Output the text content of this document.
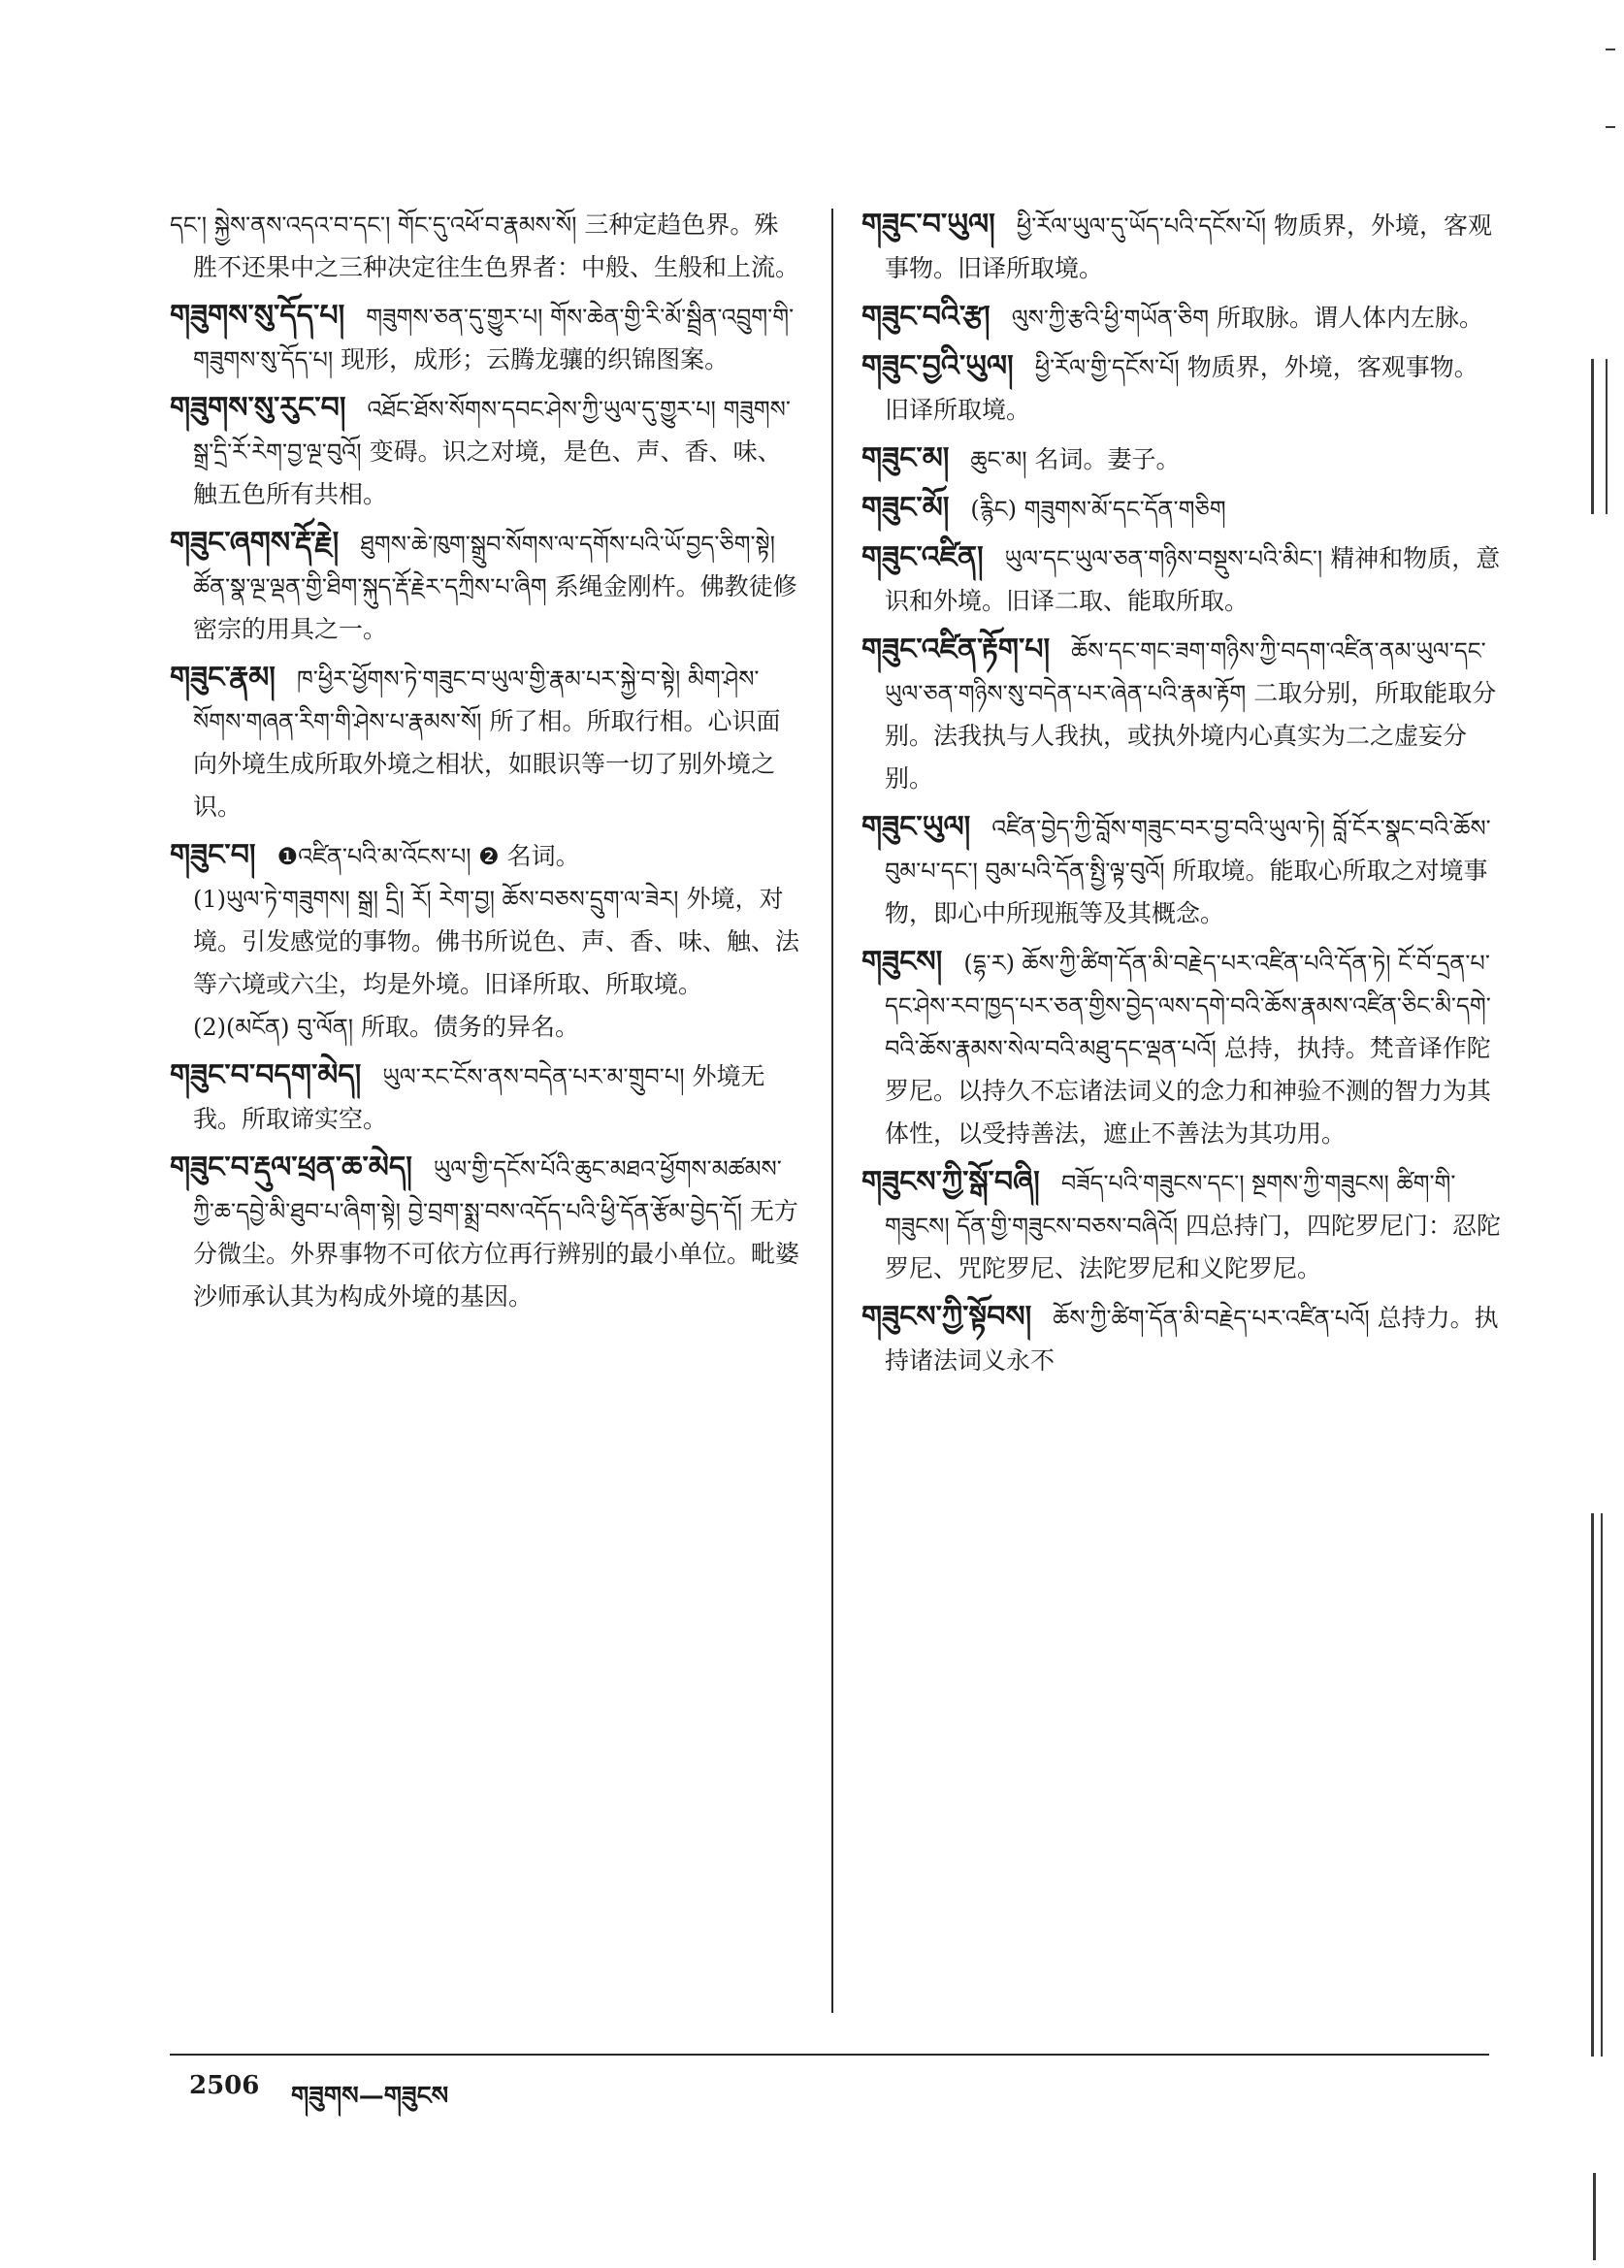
དང་། སྐྱེས་ནས་འདའ་བ་དང་། གོང་དུ་འཕོ་བ་རྣམས་སོ། 三种定趋色界。殊胜不还果中之三种决定往生色界者：中般、生般和上流。
གཟུགས་སུ་དོད་པ། གཟུགས་ཅན་དུ་གྱུར་པ། གོས་ཆེན་གྱི་རི་མོ་སྦྲིན་འབྲུག་གི་གཟུགས་སུ་དོད་པ། 现形，成形；云腾龙骧的织锦图案。
གཟུགས་སུ་རུང་བ། འཐོང་ཐོས་སོགས་དབང་ཤེས་ཀྱི་ཡུལ་དུ་གྱུར་པ། གཟུགས་སྒྲ་དྲི་རོ་རེག་བྱ་ལྔ་བུའོ། 变碍。识之对境，是色、声、香、味、触五色所有共相。
གཟུང་ཞགས་རྡོ་རྗེ། ཐུགས་ཆེ་ཁུག་སྒྲུབ་སོགས་ལ་དགོས་པའི་ཡོ་བྱད་ཅིག་སྟེ། ཚོན་སྣ་ལྔ་ལྡན་གྱི་ཐིག་སྐུད་རྡོ་རྗེར་དཀྲིས་པ་ཞིག 系绳金刚杵。佛教徒修密宗的用具之一。
གཟུང་རྣམ། ཁ་ཕྱིར་ཕྱོགས་ཏེ་གཟུང་བ་ཡུལ་གྱི་རྣམ་པར་སྐྱེ་བ་སྟེ། མིག་ཤེས་སོགས་གཞན་རིག་གི་ཤེས་པ་རྣམས་སོ། 所了相。所取行相。心识面向外境生成所取外境之相状，如眼识等一切了别外境之识。
གཟུང་བ། ❶འཛིན་པའི་མ་འོངས་པ། ❷ 名词。
(1)ཡུལ་ཏེ་གཟུགས། སྒྲ། དྲི། རོ། རེག་བྱ། ཆོས་བཅས་དྲུག་ལ་ཟེར། 外境，对境。引发感觉的事物。佛书所说色、声、香、味、触、法等六境或六尘，均是外境。旧译所取、所取境。
(2)(མངོན) བུ་ལོན། 所取。债务的异名。
གཟུང་བ་བདག་མེད། ཡུལ་རང་ངོས་ནས་བདེན་པར་མ་གྲུབ་པ། 外境无我。所取谛实空。
གཟུང་བ་རྡུལ་ཕྲན་ཆ་མེད། ཡུལ་གྱི་དངོས་པོའི་ཆུང་མཐའ་ཕྱོགས་མཚམས་ཀྱི་ཆ་དབྱེ་མི་ཐུབ་པ་ཞིག་སྟེ། བྱེ་བྲག་སྨྲ་བས་འདོད་པའི་ཕྱི་དོན་རྩོམ་བྱེད་དོ། 无方分微尘。外界事物不可依方位再行辨别的最小单位。毗婆沙师承认其为构成外境的基因。
གཟུང་བ་ཡུལ། ཕྱི་རོལ་ཡུལ་དུ་ཡོད་པའི་དངོས་པོ། 物质界，外境，客观事物。旧译所取境。
གཟུང་བའི་རྩ། ལུས་ཀྱི་རྩའི་ཕྱི་གཡོན་ཅིག 所取脉。谓人体内左脉。
གཟུང་བྱའི་ཡུལ། ཕྱི་རོལ་གྱི་དངོས་པོ། 物质界，外境，客观事物。旧译所取境。
གཟུང་མ། ཆུང་མ། 名词。妻子。
གཟུང་མོ། (རྙིང) གཟུགས་མོ་དང་དོན་གཅིག
གཟུང་འཛིན། ཡུལ་དང་ཡུལ་ཅན་གཉིས་བསྡུས་པའི་མིང་། 精神和物质，意识和外境。旧译二取、能取所取。
གཟུང་འཛིན་རྟོག་པ། ཆོས་དང་གང་ཟག་གཉིས་ཀྱི་བདག་འཛིན་ནམ་ཡུལ་དང་ཡུལ་ཅན་གཉིས་སུ་བདེན་པར་ཞེན་པའི་རྣམ་རྟོག 二取分别，所取能取分别。法我执与人我执，或执外境内心真实为二之虚妄分别。
གཟུང་ཡུལ། འཛིན་བྱེད་ཀྱི་བློས་གཟུང་བར་བྱ་བའི་ཡུལ་ཏེ། བློ་ངོར་སྣང་བའི་ཆོས་བུམ་པ་དང་། བུམ་པའི་དོན་སྤྱི་ལྟ་བུའོ། 所取境。能取心所取之对境事物，即心中所现瓶等及其概念。
གཟུངས། (དྷ་ར) ཆོས་ཀྱི་ཚིག་དོན་མི་བརྗེད་པར་འཛིན་པའི་དོན་ཏེ། ངོ་བོ་དྲན་པ་དང་ཤེས་རབ་ཁྱད་པར་ཅན་གྱིས་བྱེད་ལས་དགེ་བའི་ཆོས་རྣམས་འཛིན་ཅིང་མི་དགེ་བའི་ཆོས་རྣམས་སེལ་བའི་མཐུ་དང་ལྡན་པའོ། 总持，执持。梵音译作陀罗尼。以持久不忘诸法词义的念力和神验不测的智力为其体性，以受持善法，遮止不善法为其功用。
གཟུངས་ཀྱི་སྒོ་བཞི། བཟོད་པའི་གཟུངས་དང་། སྔགས་ཀྱི་གཟུངས། ཚིག་གི་གཟུངས། དོན་གྱི་གཟུངས་བཅས་བཞིའོ། 四总持门，四陀罗尼门：忍陀罗尼、咒陀罗尼、法陀罗尼和义陀罗尼。
གཟུངས་ཀྱི་སྟོབས། ཆོས་ཀྱི་ཚིག་དོན་མི་བརྗེད་པར་འཛིན་པའོ། 总持力。执持诸法词义永不
2506 གཟུགས—གཟུངས
